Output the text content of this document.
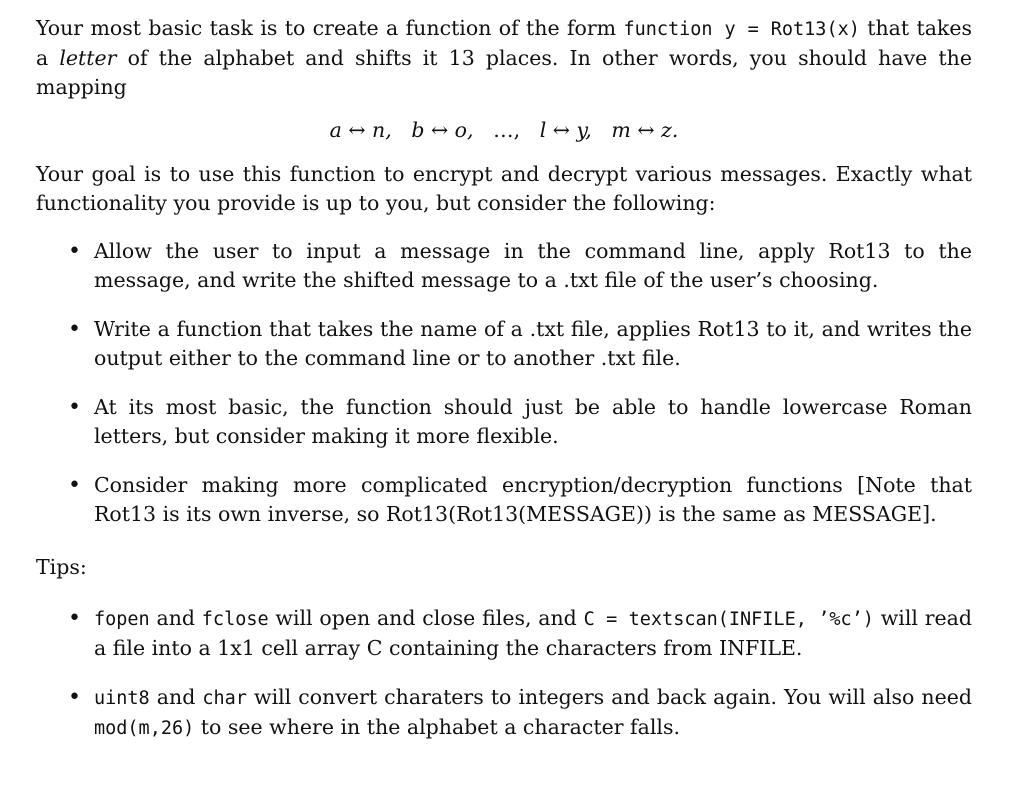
Your most basic task is to create a function of the form function y = Rot13(x) that takes a letter of the alphabet and shifts it 13 places. In other words, you should have the mapping

a ↔ n, b ↔ o, …, l ↔ y, m ↔ z.

Your goal is to use this function to encrypt and decrypt various messages. Exactly what functionality you provide is up to you, but consider the following:

• Allow the user to input a message in the command line, apply Rot13 to the message, and write the shifted message to a .txt file of the user’s choosing.
• Write a function that takes the name of a .txt file, applies Rot13 to it, and writes the output either to the command line or to another .txt file.
• At its most basic, the function should just be able to handle lowercase Roman letters, but consider making it more flexible.
• Consider making more complicated encryption/decryption functions [Note that Rot13 is its own inverse, so Rot13(Rot13(MESSAGE)) is the same as MESSAGE].

Tips:

• fopen and fclose will open and close files, and C = textscan(INFILE, ’%c’) will read a file into a 1x1 cell array C containing the characters from INFILE.
• uint8 and char will convert charaters to integers and back again. You will also need mod(m,26) to see where in the alphabet a character falls.
